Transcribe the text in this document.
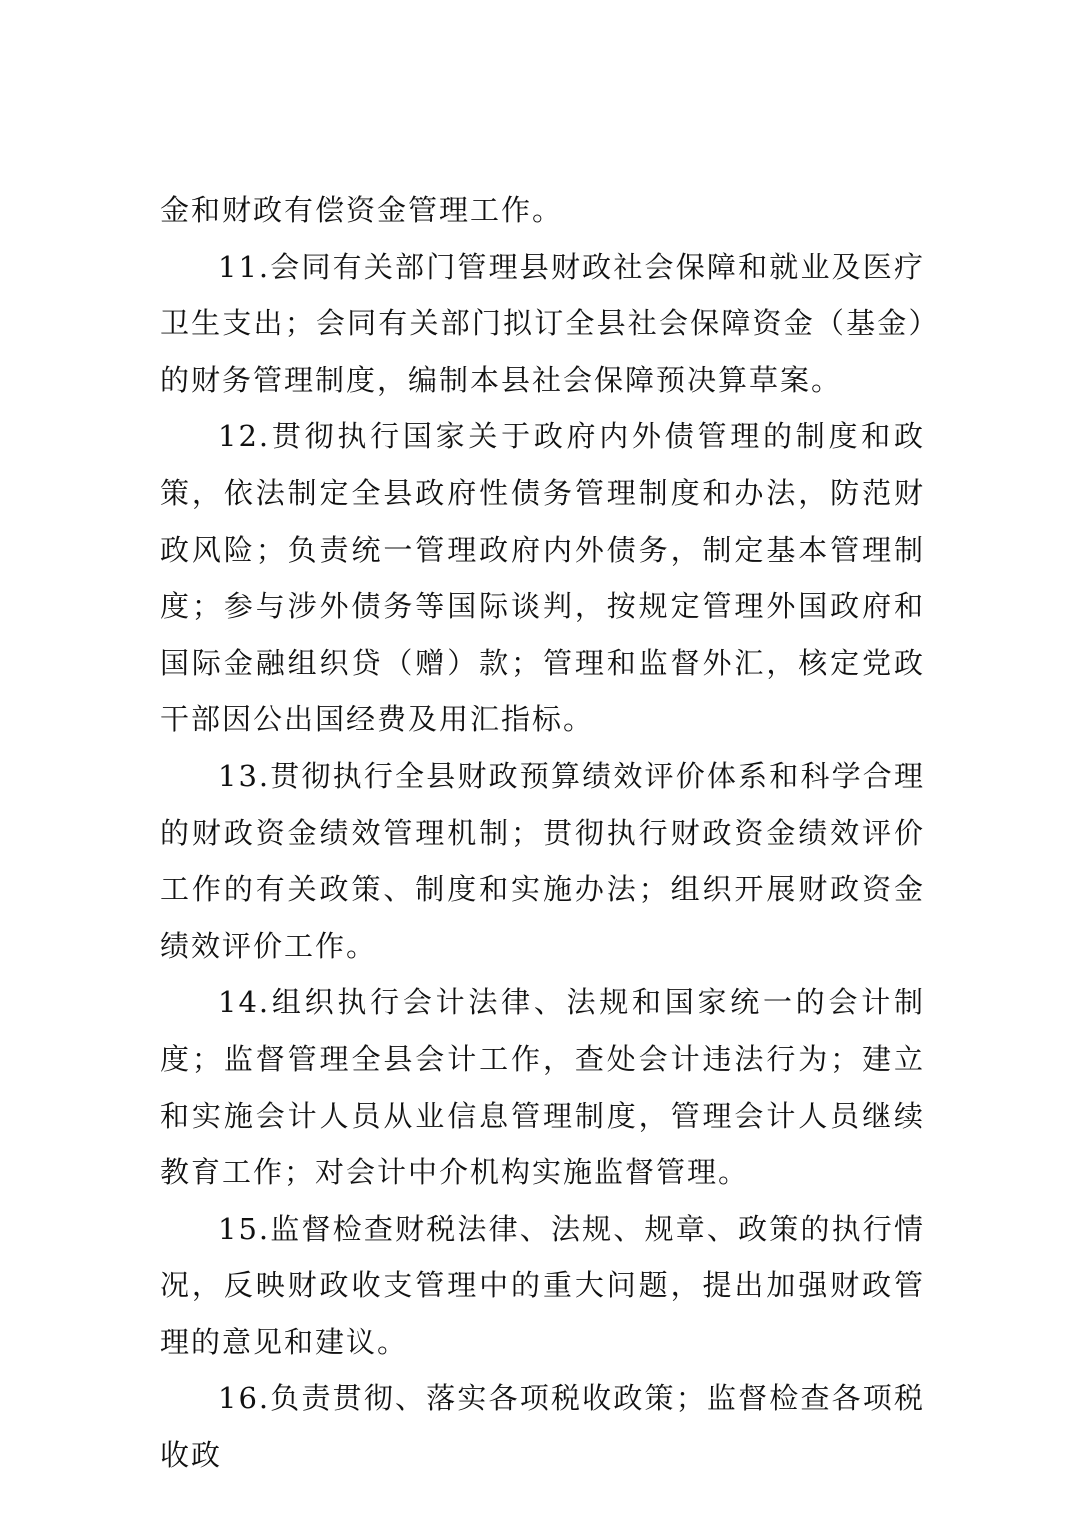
金和财政有偿资金管理工作。

11.会同有关部门管理县财政社会保障和就业及医疗卫生支出；会同有关部门拟订全县社会保障资金（基金）的财务管理制度，编制本县社会保障预决算草案。

12.贯彻执行国家关于政府内外债管理的制度和政策，依法制定全县政府性债务管理制度和办法，防范财政风险；负责统一管理政府内外债务，制定基本管理制度；参与涉外债务等国际谈判，按规定管理外国政府和国际金融组织贷（赠）款；管理和监督外汇，核定党政干部因公出国经费及用汇指标。

13.贯彻执行全县财政预算绩效评价体系和科学合理的财政资金绩效管理机制；贯彻执行财政资金绩效评价工作的有关政策、制度和实施办法；组织开展财政资金绩效评价工作。

14.组织执行会计法律、法规和国家统一的会计制度；监督管理全县会计工作，查处会计违法行为；建立和实施会计人员从业信息管理制度，管理会计人员继续教育工作；对会计中介机构实施监督管理。

15.监督检查财税法律、法规、规章、政策的执行情况，反映财政收支管理中的重大问题，提出加强财政管理的意见和建议。

16.负责贯彻、落实各项税收政策；监督检查各项税收政
